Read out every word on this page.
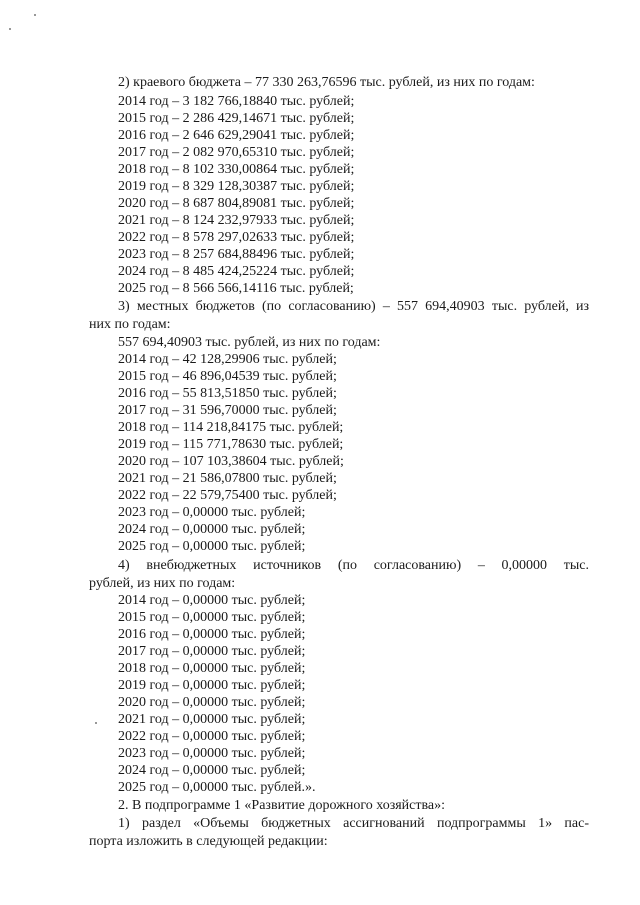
2) краевого бюджета – 77 330 263,76596 тыс. рублей, из них по годам:
2014 год – 3 182 766,18840 тыс. рублей;
2015 год – 2 286 429,14671 тыс. рублей;
2016 год – 2 646 629,29041 тыс. рублей;
2017 год – 2 082 970,65310 тыс. рублей;
2018 год – 8 102 330,00864 тыс. рублей;
2019 год – 8 329 128,30387 тыс. рублей;
2020 год – 8 687 804,89081 тыс. рублей;
2021 год – 8 124 232,97933 тыс. рублей;
2022 год – 8 578 297,02633 тыс. рублей;
2023 год – 8 257 684,88496 тыс. рублей;
2024 год – 8 485 424,25224 тыс. рублей;
2025 год – 8 566 566,14116 тыс. рублей;
3) местных бюджетов (по согласованию) – 557 694,40903 тыс. рублей, из
них по годам:
557 694,40903 тыс. рублей, из них по годам:
2014 год – 42 128,29906 тыс. рублей;
2015 год – 46 896,04539 тыс. рублей;
2016 год – 55 813,51850 тыс. рублей;
2017 год – 31 596,70000 тыс. рублей;
2018 год – 114 218,84175 тыс. рублей;
2019 год – 115 771,78630 тыс. рублей;
2020 год – 107 103,38604 тыс. рублей;
2021 год – 21 586,07800 тыс. рублей;
2022 год – 22 579,75400 тыс. рублей;
2023 год – 0,00000 тыс. рублей;
2024 год – 0,00000 тыс. рублей;
2025 год – 0,00000 тыс. рублей;
4) внебюджетных источников (по согласованию) – 0,00000 тыс.
рублей, из них по годам:
2014 год – 0,00000 тыс. рублей;
2015 год – 0,00000 тыс. рублей;
2016 год – 0,00000 тыс. рублей;
2017 год – 0,00000 тыс. рублей;
2018 год – 0,00000 тыс. рублей;
2019 год – 0,00000 тыс. рублей;
2020 год – 0,00000 тыс. рублей;
2021 год – 0,00000 тыс. рублей;
2022 год – 0,00000 тыс. рублей;
2023 год – 0,00000 тыс. рублей;
2024 год – 0,00000 тыс. рублей;
2025 год – 0,00000 тыс. рублей.».
2. В подпрограмме 1 «Развитие дорожного хозяйства»:
1) раздел «Объемы бюджетных ассигнований подпрограммы 1» пас-
порта изложить в следующей редакции:
